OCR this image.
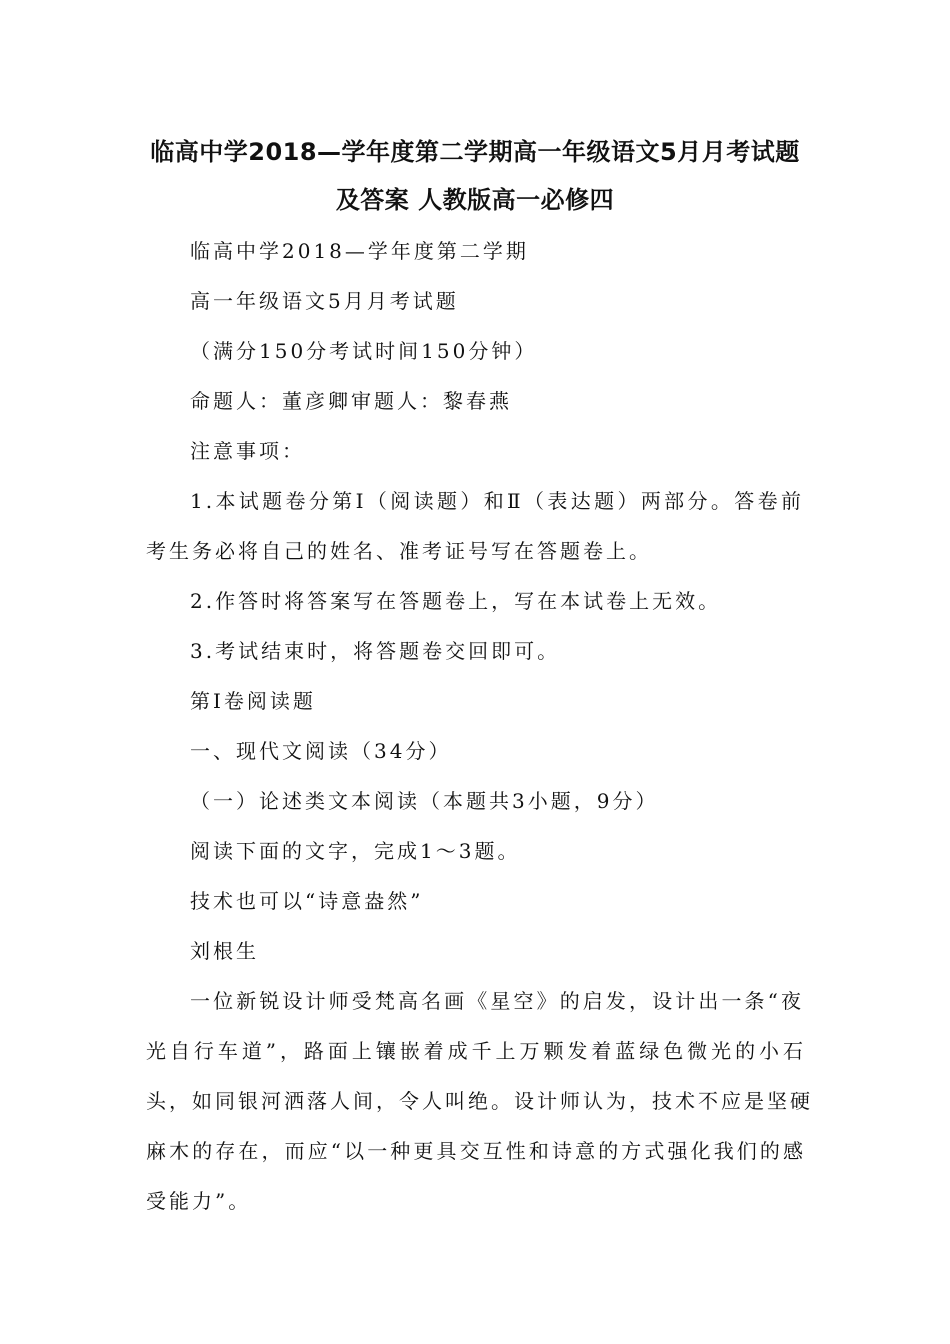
临高中学2018—学年度第二学期高一年级语文5月月考试题
及答案 人教版高一必修四
临高中学2018—学年度第二学期
高一年级语文5月月考试题
（满分150分考试时间150分钟）
命题人：董彦卿审题人：黎春燕
注意事项：
1.本试题卷分第Ⅰ（阅读题）和Ⅱ（表达题）两部分。答卷前
考生务必将自己的姓名、准考证号写在答题卷上。
2.作答时将答案写在答题卷上，写在本试卷上无效。
3.考试结束时，将答题卷交回即可。
第Ⅰ卷阅读题
一、现代文阅读（34分）
（一）论述类文本阅读（本题共3小题，9分）
阅读下面的文字，完成1～3题。
技术也可以“诗意盎然”
刘根生
一位新锐设计师受梵高名画《星空》的启发，设计出一条“夜
光自行车道”，路面上镶嵌着成千上万颗发着蓝绿色微光的小石
头，如同银河洒落人间，令人叫绝。设计师认为，技术不应是坚硬
麻木的存在，而应“以一种更具交互性和诗意的方式强化我们的感
受能力”。
